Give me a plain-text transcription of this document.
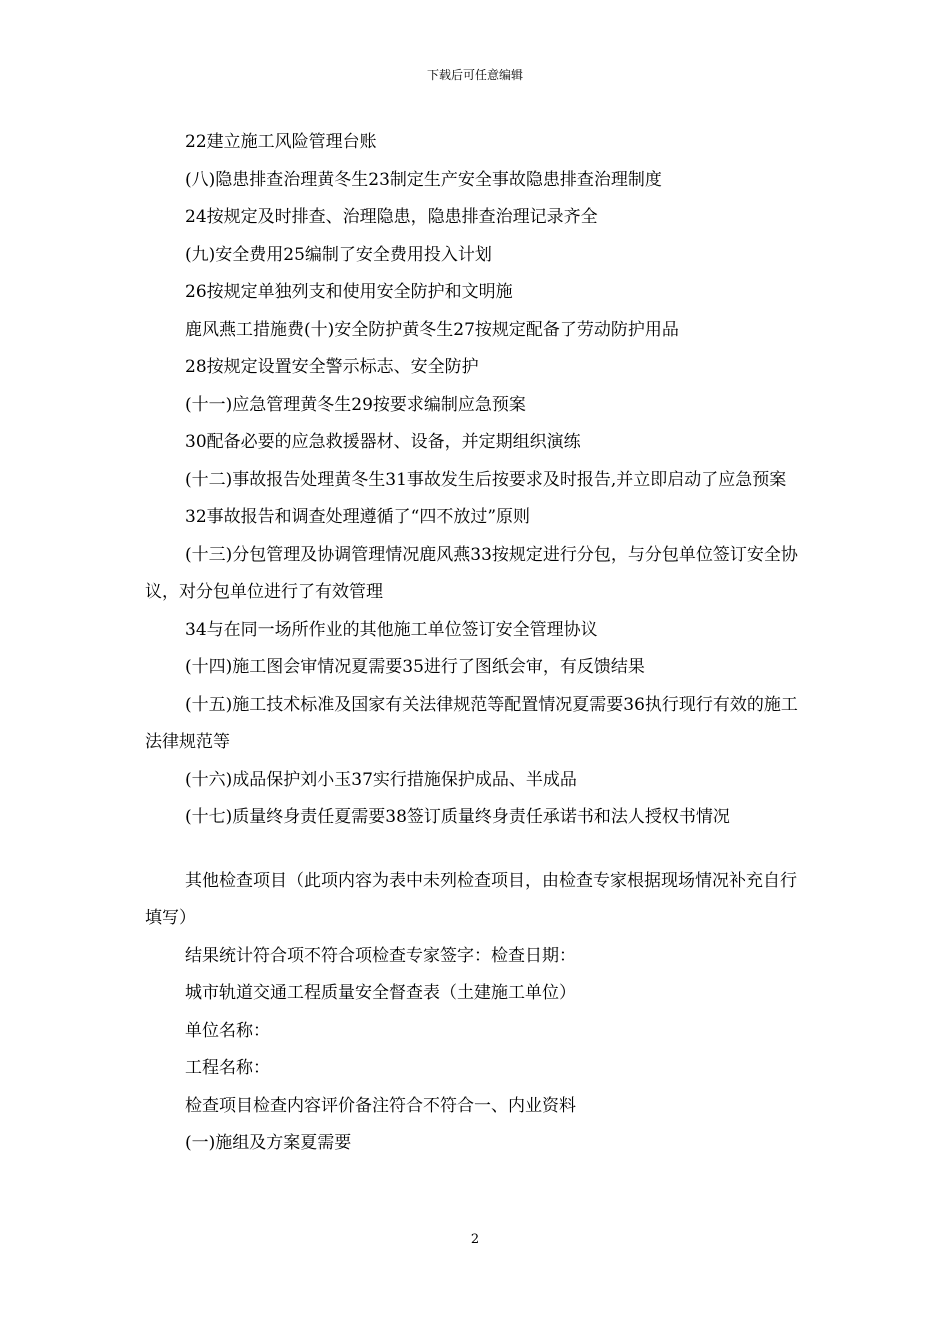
下载后可任意编辑

22建立施工风险管理台账

(八)隐患排查治理黄冬生23制定生产安全事故隐患排查治理制度

24按规定及时排查、治理隐患，隐患排查治理记录齐全

(九)安全费用25编制了安全费用投入计划

26按规定单独列支和使用安全防护和文明施

鹿风燕工措施费(十)安全防护黄冬生27按规定配备了劳动防护用品

28按规定设置安全警示标志、安全防护

(十一)应急管理黄冬生29按要求编制应急预案

30配备必要的应急救援器材、设备，并定期组织演练

(十二)事故报告处理黄冬生31事故发生后按要求及时报告,并立即启动了应急预案

32事故报告和调查处理遵循了“四不放过”原则

(十三)分包管理及协调管理情况鹿风燕33按规定进行分包，与分包单位签订安全协议，对分包单位进行了有效管理

34与在同一场所作业的其他施工单位签订安全管理协议

(十四)施工图会审情况夏需要35进行了图纸会审，有反馈结果

(十五)施工技术标准及国家有关法律规范等配置情况夏需要36执行现行有效的施工法律规范等

(十六)成品保护刘小玉37实行措施保护成品、半成品

(十七)质量终身责任夏需要38签订质量终身责任承诺书和法人授权书情况

其他检查项目（此项内容为表中未列检查项目，由检查专家根据现场情况补充自行填写）

结果统计符合项不符合项检查专家签字：检查日期：

城市轨道交通工程质量安全督查表（土建施工单位）

单位名称：

工程名称：

检查项目检查内容评价备注符合不符合一、内业资料

(一)施组及方案夏需要

2
